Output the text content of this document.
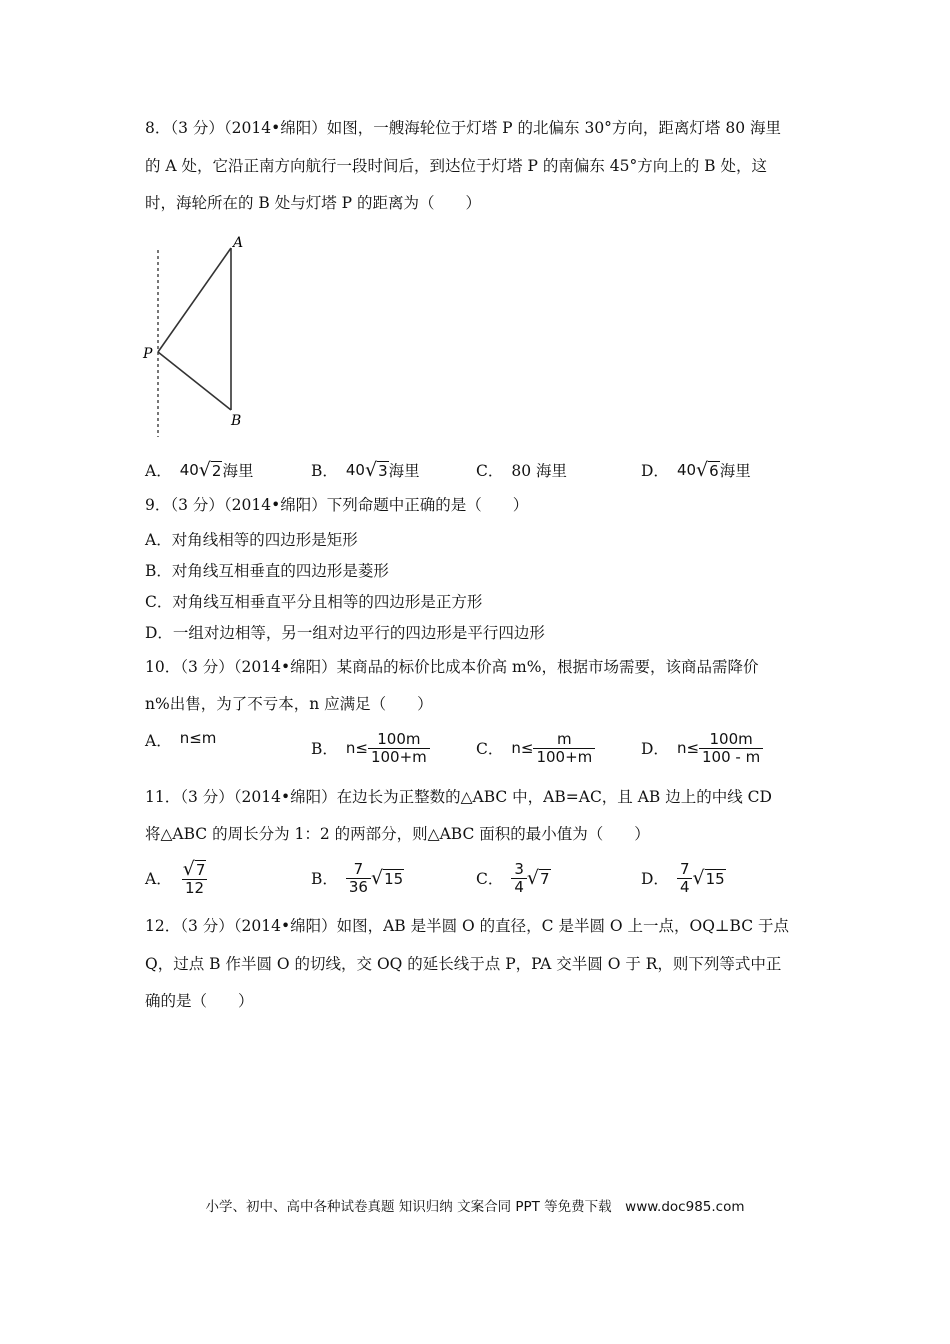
8．（3 分）（2014•绵阳）如图，一艘海轮位于灯塔 P 的北偏东 30°方向，距离灯塔 80 海里
的 A 处，它沿正南方向航行一段时间后，到达位于灯塔 P 的南偏东 45°方向上的 B 处，这
时，海轮所在的 B 处与灯塔 P 的距离为（　　）
A
P
B
A． 40 √ 2 海里	B． 40 √ 3 海里	C． 80 海里	D． 40 √ 6 海里
9．（3 分）（2014•绵阳）下列命题中正确的是（　　）
A．对角线相等的四边形是矩形
B．对角线互相垂直的四边形是菱形
C．对角线互相垂直平分且相等的四边形是正方形
D．一组对边相等，另一组对边平行的四边形是平行四边形
10．（3 分）（2014•绵阳）某商品的标价比成本价高 m%，根据市场需要，该商品需降价
n%出售，为了不亏本，n 应满足（　　）
A． n≤m
B． $n\le \frac{100m}{100+m}$	C． $n\le \frac{m}{100+m}$	D． $n\le \frac{100m}{100 - m}$
11．（3 分）（2014•绵阳）在边长为正整数的△ABC 中，AB=AC，且 AB 边上的中线 CD
将△ABC 的周长分为 1：2 的两部分，则△ABC 面积的最小值为（　　）
A． $\frac{√ 7}{12}$	B． $\frac{7}{36}$ √ 15	C． $\frac{3}{4}$ √ 7	D． $\frac{7}{4}$ √ 15
12．（3 分）（2014•绵阳）如图，AB 是半圆 O 的直径，C 是半圆 O 上一点，OQ⊥BC 于点
Q，过点 B 作半圆 O 的切线，交 OQ 的延长线于点 P，PA 交半圆 O 于 R，则下列等式中正
确的是（　　）
小学、初中、高中各种试卷真题 知识归纳 文案合同 PPT 等免费下载　www.doc985.com
